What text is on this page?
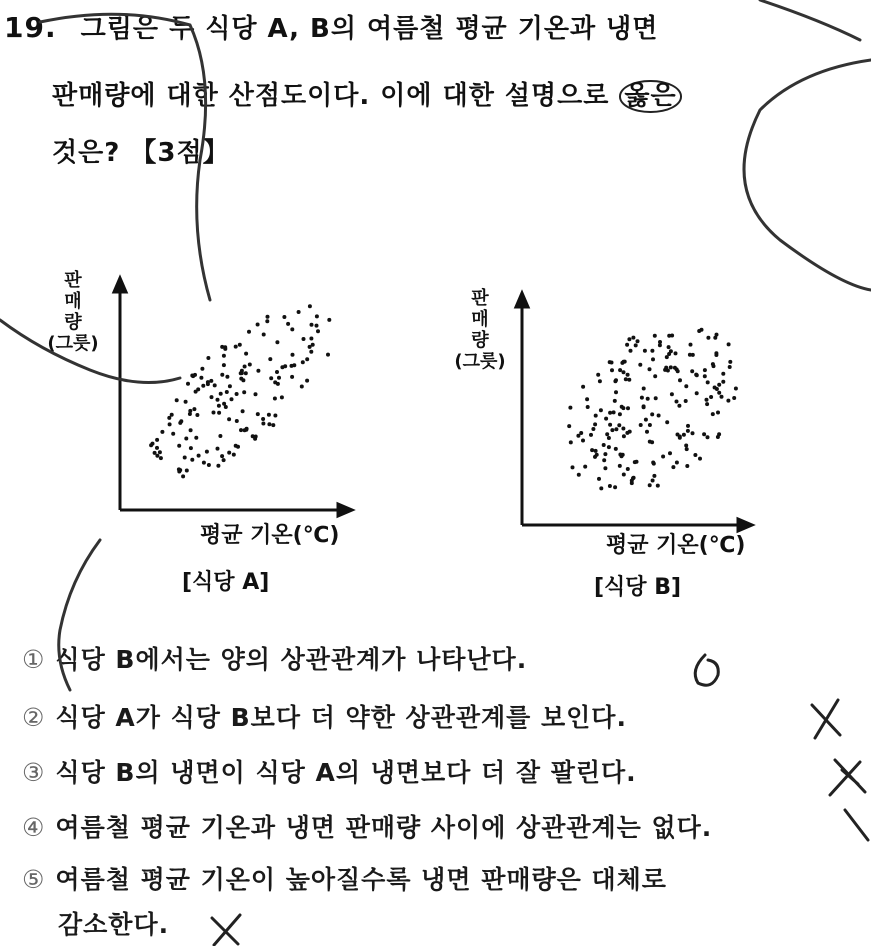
19. 그림은 두 식당 A, B의 여름철 평균 기온과 냉면
판매량에 대한 산점도이다. 이에 대한 설명으로 옳은
것은? 【3점】
판
매
량
(그릇)
평균 기온(℃)
[식당 A]
판
매
량
(그릇)
평균 기온(℃)
[식당 B]
① 식당 B에서는 양의 상관관계가 나타난다.
② 식당 A가 식당 B보다 더 약한 상관관계를 보인다.
③ 식당 B의 냉면이 식당 A의 냉면보다 더 잘 팔린다.
④ 여름철 평균 기온과 냉면 판매량 사이에 상관관계는 없다.
⑤ 여름철 평균 기온이 높아질수록 냉면 판매량은 대체로
감소한다.
